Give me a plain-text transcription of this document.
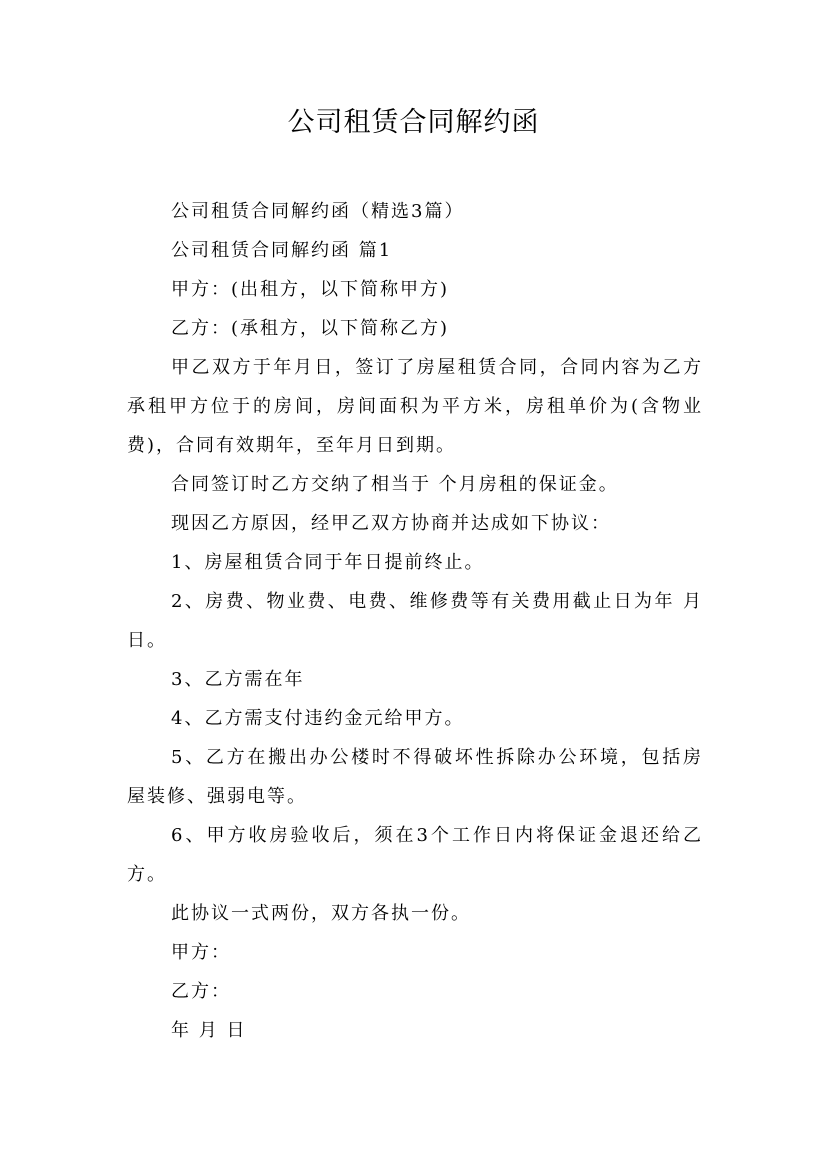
公司租赁合同解约函

公司租赁合同解约函（精选3篇）

公司租赁合同解约函 篇1

甲方：(出租方，以下简称甲方)

乙方：(承租方，以下简称乙方)

甲乙双方于年月日，签订了房屋租赁合同，合同内容为乙方承租甲方位于的房间，房间面积为平方米，房租单价为(含物业费)，合同有效期年，至年月日到期。

合同签订时乙方交纳了相当于 个月房租的保证金。

现因乙方原因，经甲乙双方协商并达成如下协议：

1、房屋租赁合同于年日提前终止。

2、房费、物业费、电费、维修费等有关费用截止日为年 月 日。

3、乙方需在年

4、乙方需支付违约金元给甲方。

5、乙方在搬出办公楼时不得破坏性拆除办公环境，包括房屋装修、强弱电等。

6、甲方收房验收后，须在3个工作日内将保证金退还给乙方。

此协议一式两份，双方各执一份。

甲方：

乙方：

年 月 日
